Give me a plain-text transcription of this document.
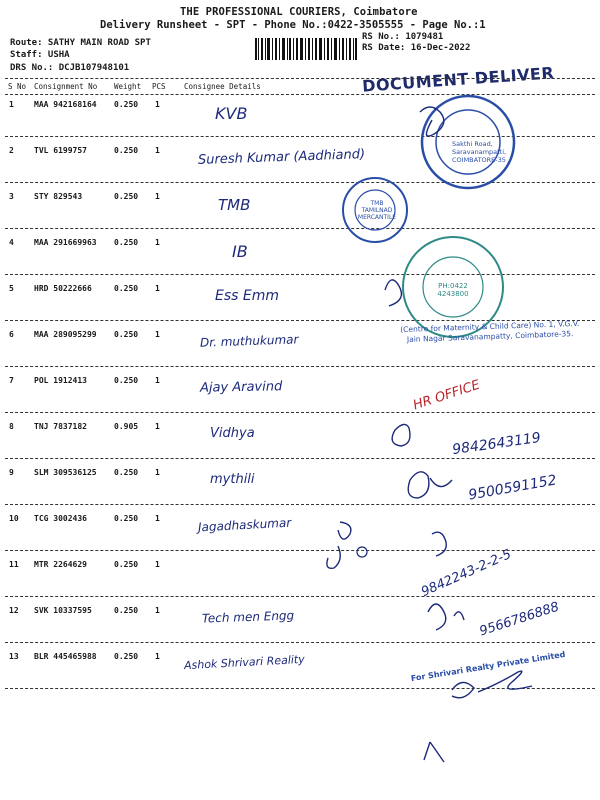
THE PROFESSIONAL COURIERS, Coimbatore
Delivery Runsheet - SPT - Phone No.:0422-3505555 - Page No.:1
Route: SATHY MAIN ROAD SPT
Staff: USHA
DRS No.: DCJB107948101
RS No.: 1079481
RS Date: 16-Dec-2022
DOCUMENT DELIVER
S No Consignment No Weight PCS Consignee Details
1	MAA 942168164 0.250 1	KVB
2	TVL 6199757	0.250 1	Suresh Kumar (Aadhiand)
3	STY 829543	0.250 1	TMB
4	MAA 291669963 0.250 1	IB
5	HRD 50222666	0.250 1	Ess Emm
6	MAA 289095299 0.250 1	Dr. muthukumar
7	POL 1912413	0.250 1	Ajay Aravind
8	TNJ 7837182	0.905 1	Vidhya
9	SLM 309536125 0.250 1	mythili
10 TCG 3002436	0.250 1	Jagadhaskumar
11 MTR 2264629	0.250 1
12 SVK 10337595	0.250 1	Tech men Engg
13 BLR 445465988 0.250 1 Ashok Shrivari Reality
Sakthi Road, Saravanampatti, COIMBATORE-35
TMB TAMILNAD MERCANTILE
PH:0422 4243800
(Centre for Maternity & Child Care) No. 1, V.G.V. Jain Nagar Saravanampatty, Coimbatore-35.
HR OFFICE
For Shrivari Realty Private Limited
9842643119
9500591152
9842243-2-2-5
9566786888
